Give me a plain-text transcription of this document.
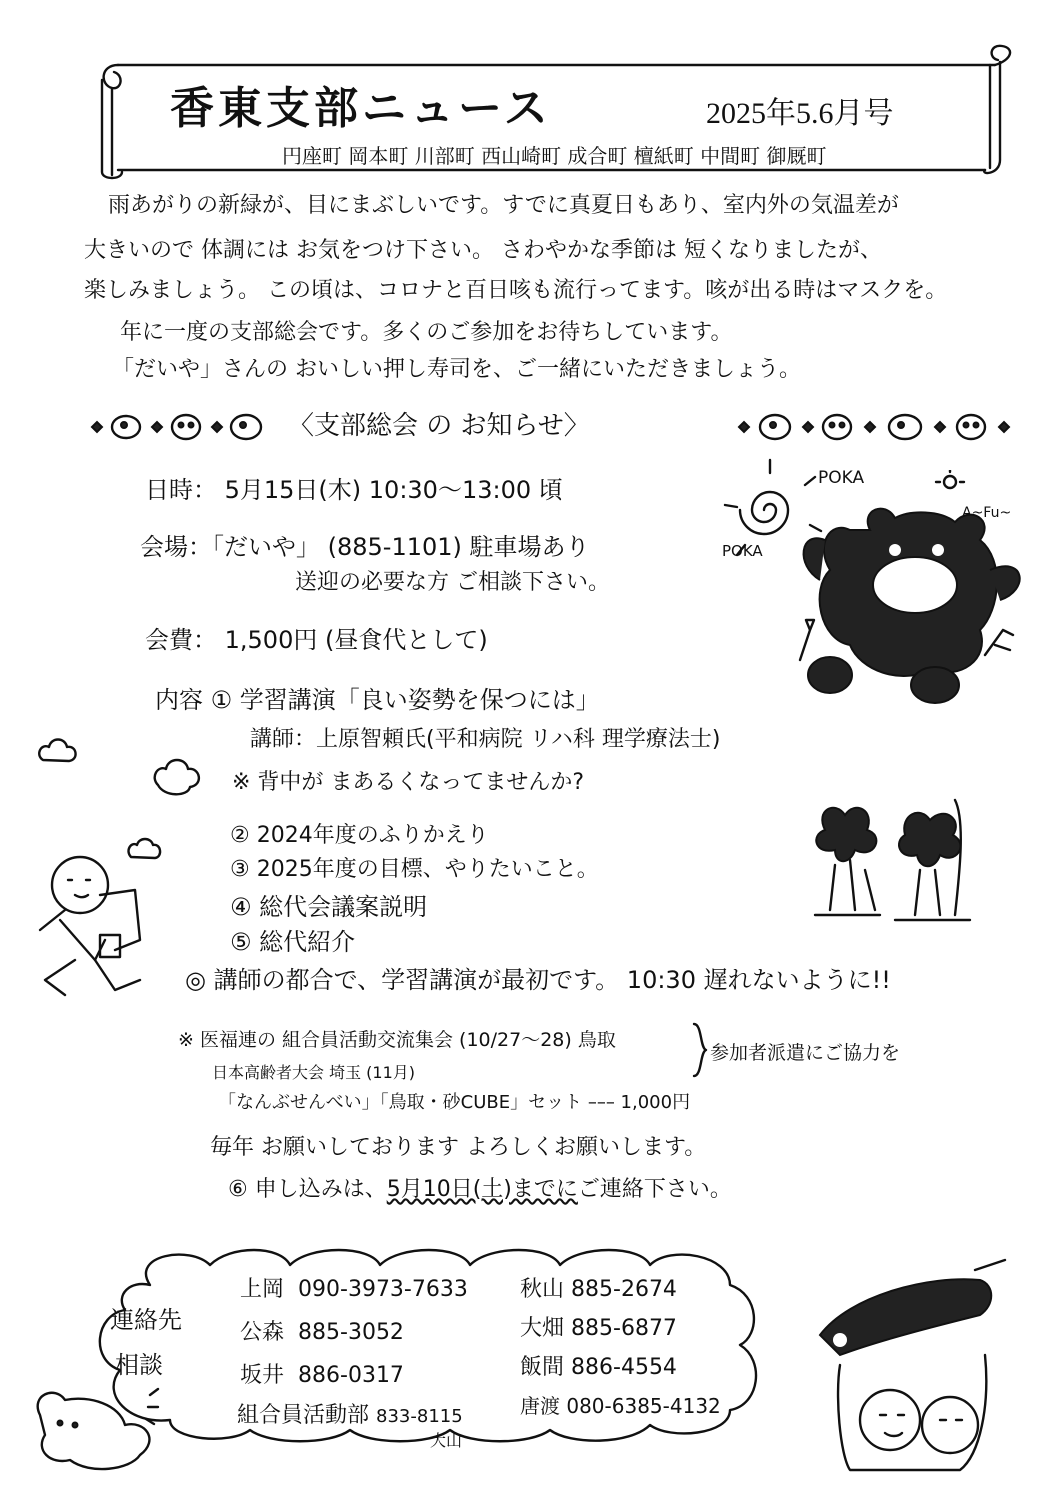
香東支部ニュース	2025年5.6月号
円座町 岡本町 川部町 西山崎町 成合町 檀紙町 中間町 御厩町
雨あがりの新緑が、目にまぶしいです。すでに真夏日もあり、室内外の気温差が
大きいので 体調には お気をつけ下さい。 さわやかな季節は 短くなりましたが、
楽しみましょう。 この頃は、コロナと百日咳も流行ってます。咳が出る時はマスクを。
年に一度の支部総会です。多くのご参加をお待ちしています。
「だいや」さんの おいしい押し寿司を、ご一緒にいただきましょう。
〈支部総会 の お知らせ〉
日時： 5月15日(木) 10:30～13:00 頃
会場：「だいや」 (885-1101) 駐車場あり
送迎の必要な方 ご相談下さい。
会費： 1,500円 (昼食代として)
内容 ① 学習講演「良い姿勢を保つには」
講師：上原智頼氏(平和病院 リハ科 理学療法士)
※ 背中が まあるくなってませんか?
② 2024年度のふりかえり
③ 2025年度の目標、やりたいこと。
④ 総代会議案説明
⑤ 総代紹介
◎ 講師の都合で、学習講演が最初です。 10:30 遅れないように!!
※ 医福連の 組合員活動交流集会 (10/27～28) 鳥取
日本高齢者大会 埼玉 (11月)
参加者派遣にご協力を
「なんぶせんべい」「鳥取・砂CUBE」セット ––– 1,000円
毎年 お願いしております よろしくお願いします。
⑥ 申し込みは、5月10日(土)までにご連絡下さい。
連絡先
相談
上岡 090-3973-7633
公森 885-3052
坂井 886-0317
組合員活動部 833-8115
大山
秋山 885-2674
大畑 885-6877
飯間 886-4554
唐渡 080-6385-4132
POKA
POKA
A~Fu~
